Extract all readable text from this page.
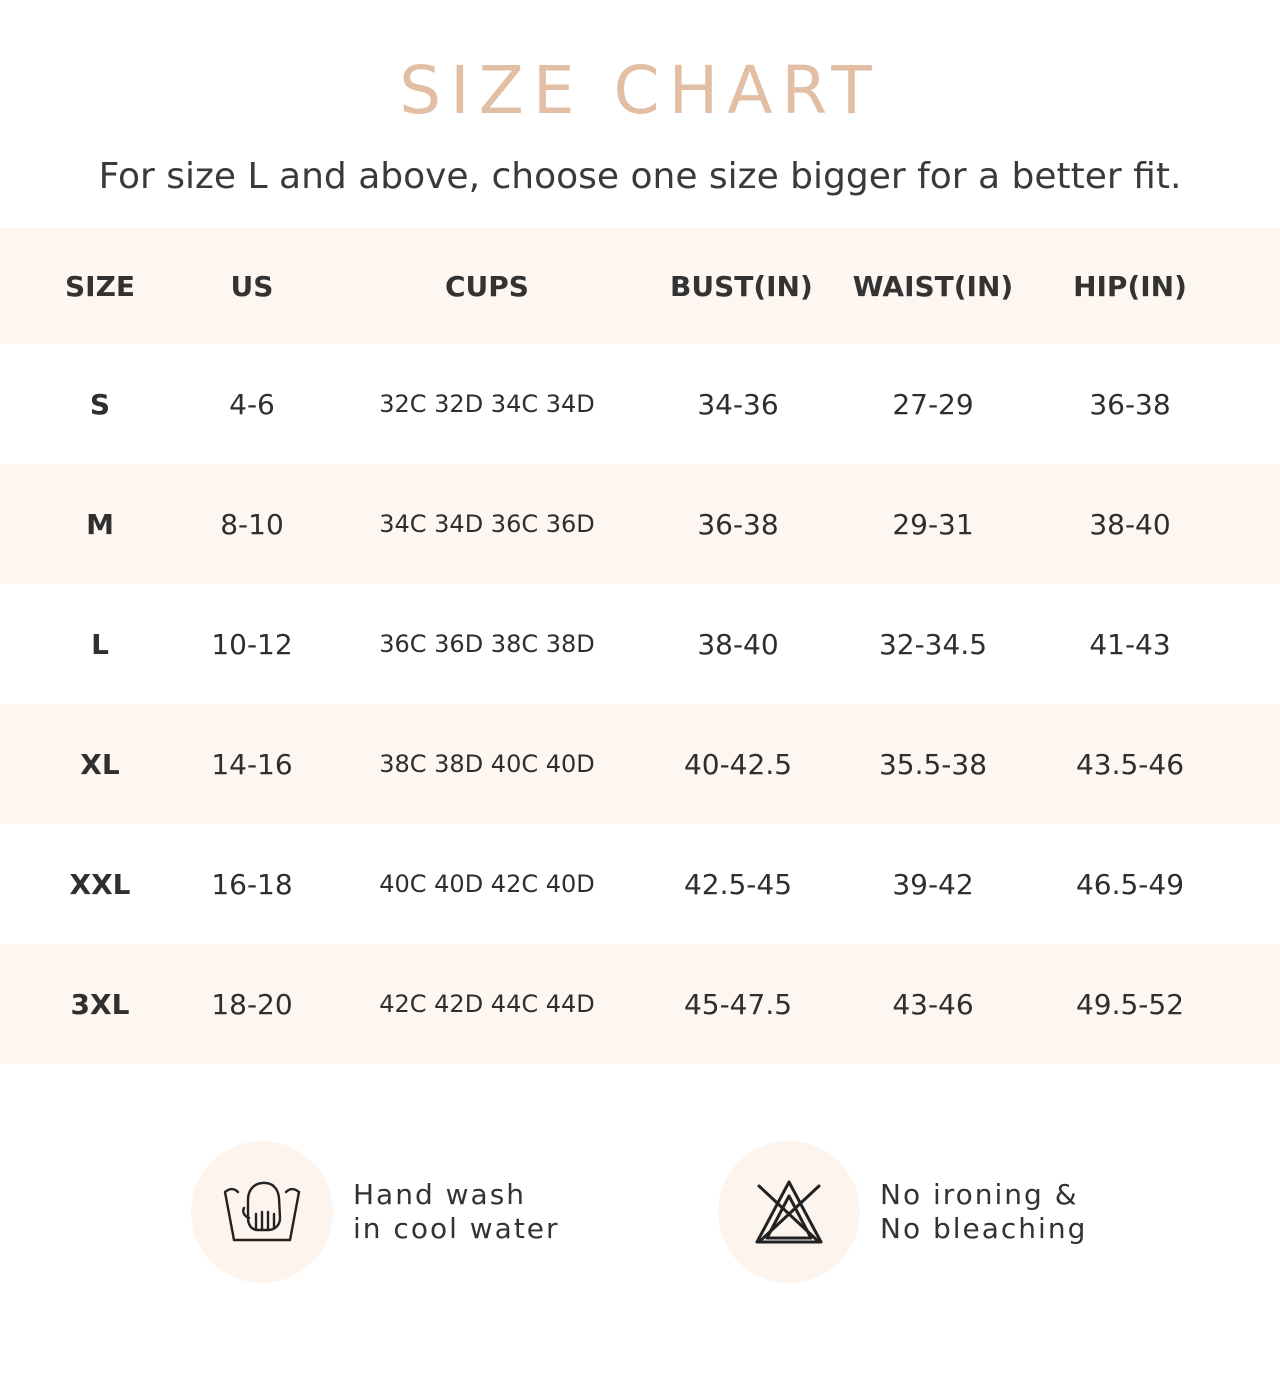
SIZE CHART
For size L and above, choose one size bigger for a better fit.
SIZE	US	CUPS	BUST(IN)	WAIST(IN)	HIP(IN)
S	4-6	32C 32D 34C 34D	34-36	27-29	36-38
M	8-10	34C 34D 36C 36D	36-38	29-31	38-40
L	10-12	36C 36D 38C 38D	38-40	32-34.5	41-43
XL	14-16	38C 38D 40C 40D	40-42.5	35.5-38	43.5-46
XXL	16-18	40C 40D 42C 40D	42.5-45	39-42	46.5-49
3XL	18-20	42C 42D 44C 44D	45-47.5	43-46	49.5-52
Hand wash
in cool water
No ironing &
No bleaching
